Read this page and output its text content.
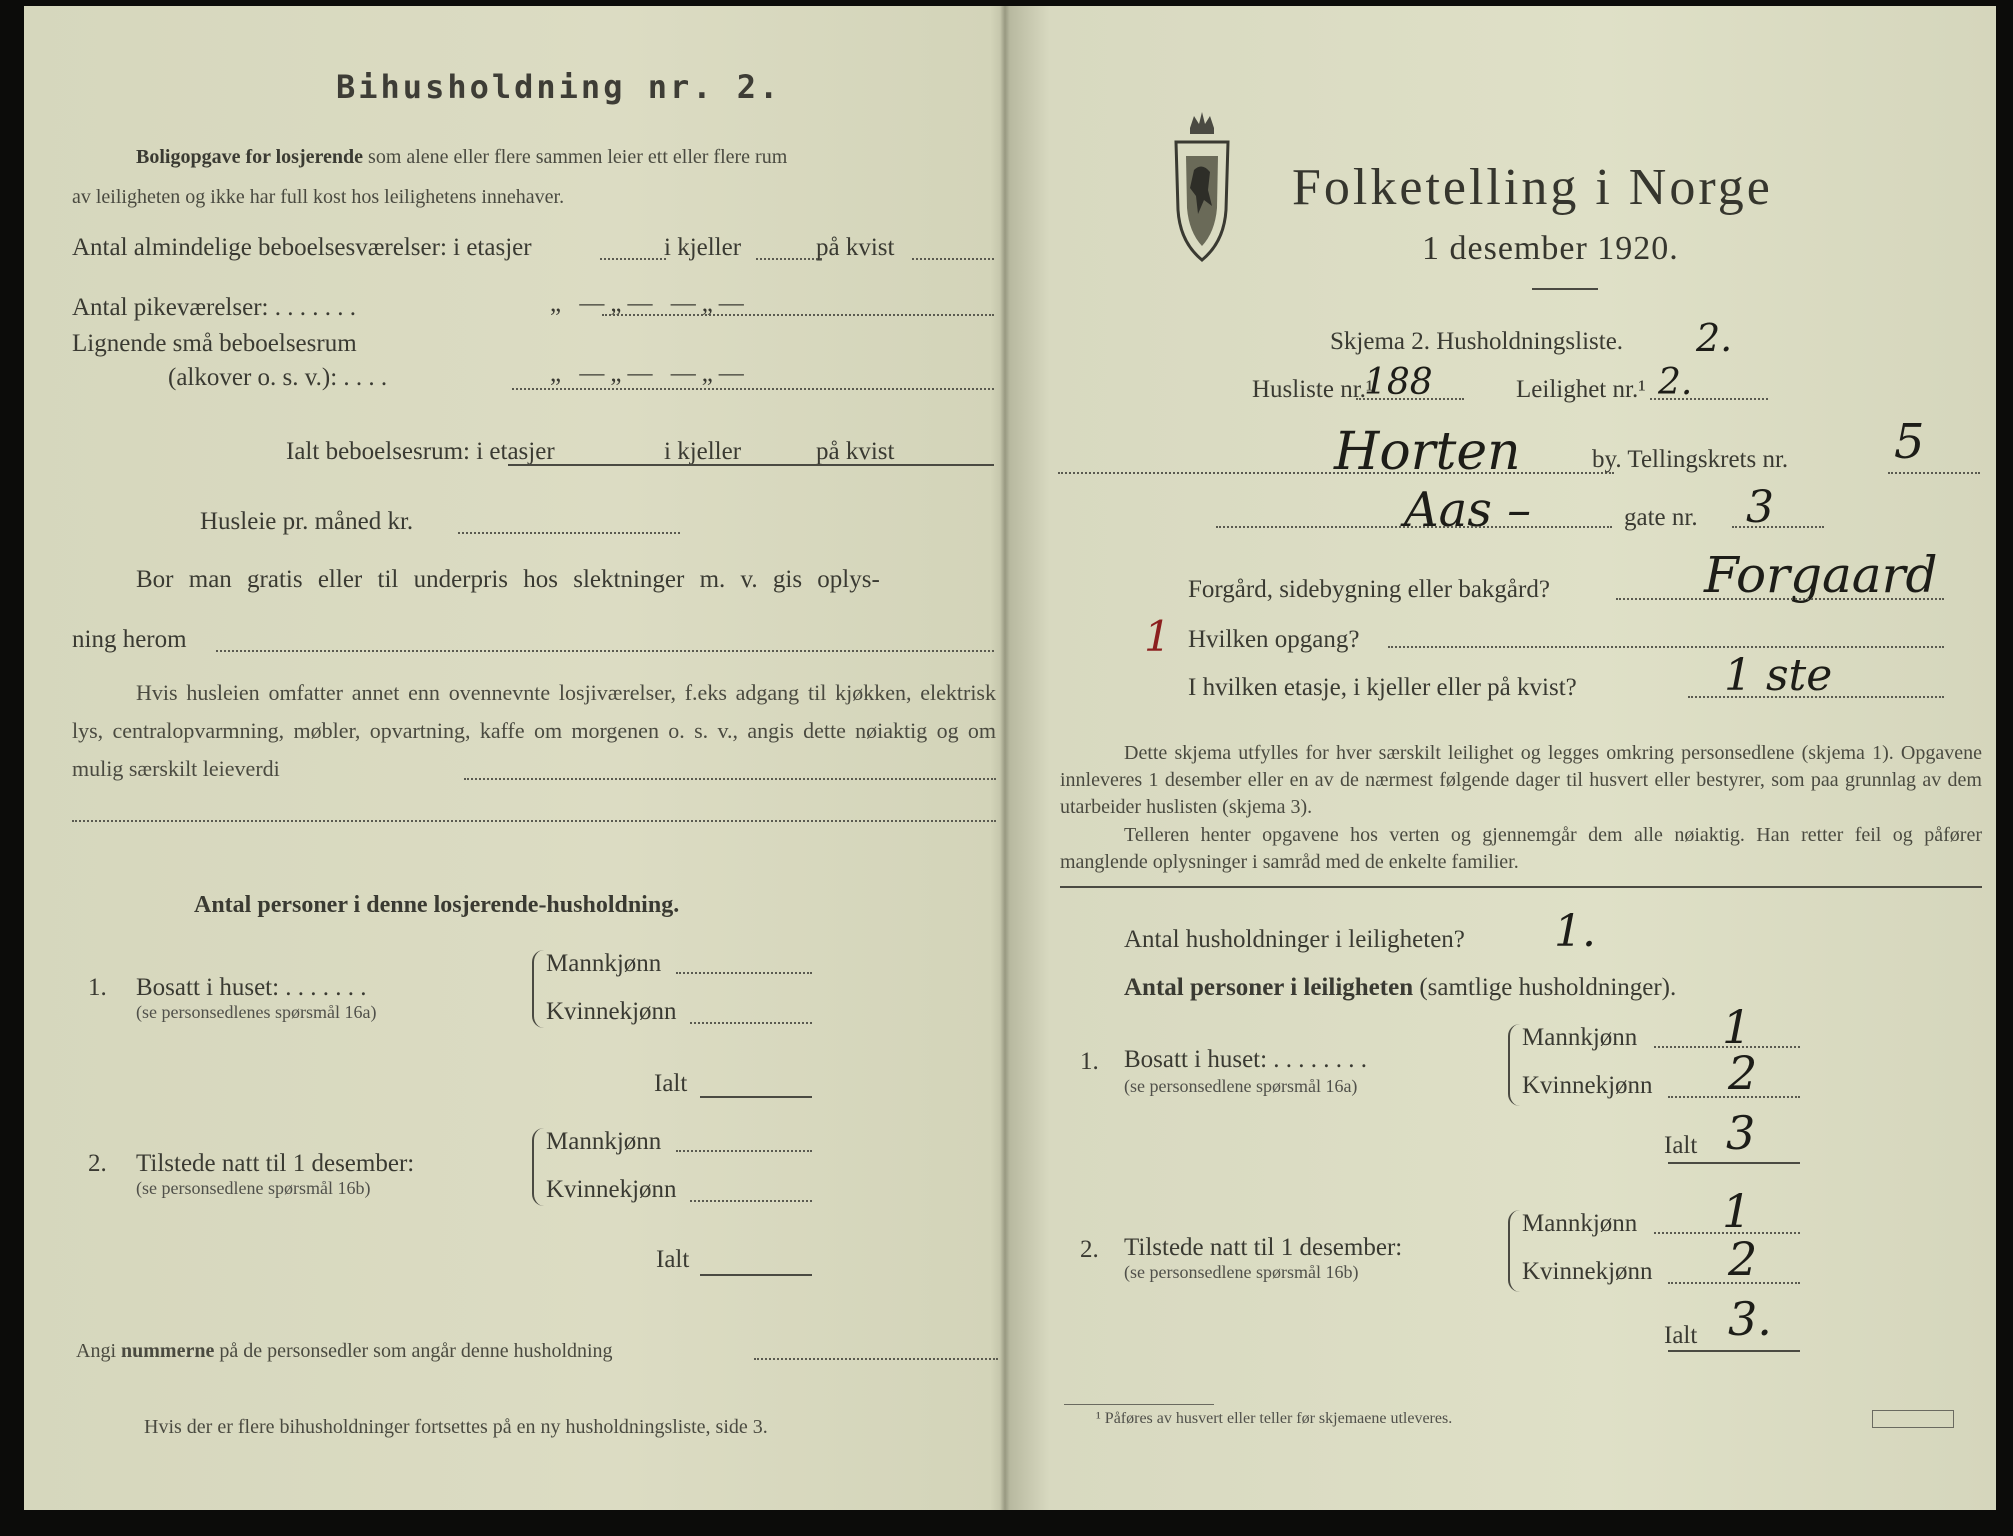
Bihusholdning nr. 2.
Boligopgave for losjerende som alene eller flere sammen leier ett eller flere rum
av leiligheten og ikke har full kost hos leilighetens innehaver.
Antal almindelige beboelsesværelser: i etasjer	i kjeller	på kvist
Antal pikeværelser: . . . . . . .	„ —„— —„—
Lignende små beboelsesrum
(alkover o. s. v.): . . . .	„ —„— —„—
Ialt beboelsesrum: i etasjer	i kjeller	på kvist
Husleie pr. måned kr.
Bor man gratis eller til underpris hos slektninger m. v. gis oplys-
ning herom
Hvis husleien omfatter annet enn ovennevnte losjiværelser, f.eks adgang til kjøkken, elektrisk lys, centralopvarmning, møbler, opvartning, kaffe om morgenen o. s. v., angis dette nøiaktig og om mulig særskilt leieverdi
Antal personer i denne losjerende-husholdning.
1. Bosatt i huset: . . . . . . .
(se personsedlenes spørsmål 16a)
Mannkjønn
Kvinnekjønn
Ialt
2. Tilstede natt til 1 desember:
(se personsedlene spørsmål 16b)
Mannkjønn
Kvinnekjønn
Ialt
Angi nummerne på de personsedler som angår denne husholdning
Hvis der er flere bihusholdninger fortsettes på en ny husholdningsliste, side 3.
Folketelling i Norge
1 desember 1920.
Skjema 2. Husholdningsliste. 2.
Husliste nr.¹
188	Leilighet nr.¹ 2.
Horten	by. Tellingskrets nr. 5
Aas –	gate nr. 3
Forgård, sidebygning eller bakgård?	Forgaard
1 Hvilken opgang?
I hvilken etasje, i kjeller eller på kvist?	1 ste
Dette skjema utfylles for hver særskilt leilighet og legges omkring personsedlene (skjema 1). Opgavene innleveres 1 desember eller en av de nærmest følgende dager til husvert eller bestyrer, som paa grunnlag av dem utarbeider huslisten (skjema 3).
Telleren henter opgavene hos verten og gjennemgår dem alle nøiaktig. Han retter feil og påfører manglende oplysninger i samråd med de enkelte familier.
Antal husholdninger i leiligheten? 1.
Antal personer i leiligheten (samtlige husholdninger).
1. Bosatt i huset: . . . . . . . .
(se personsedlene spørsmål 16a)
Mannkjønn 1
Kvinnekjønn 2
Ialt 3
2. Tilstede natt til 1 desember:
(se personsedlene spørsmål 16b)
Mannkjønn 1
Kvinnekjønn 2
Ialt 3.
¹ Påføres av husvert eller teller før skjemaene utleveres.
